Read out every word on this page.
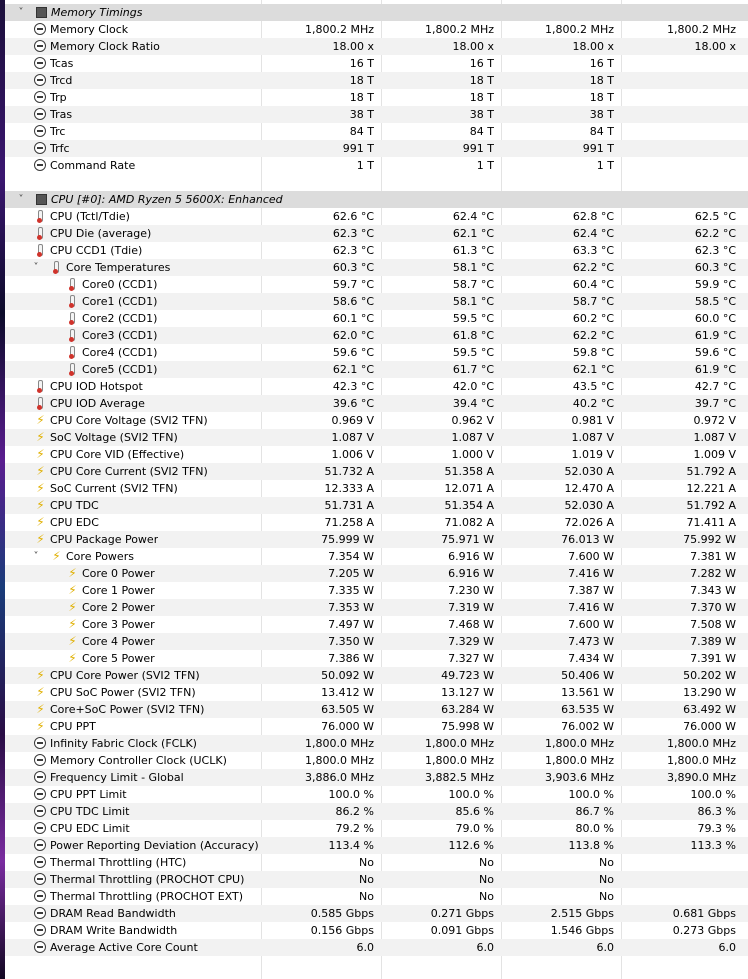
˅	Memory Timings
Memory Clock	1,800.2 MHz	1,800.2 MHz	1,800.2 MHz	1,800.2 MHz
Memory Clock Ratio	18.00 x	18.00 x	18.00 x	18.00 x
Tcas	16 T	16 T	16 T
Trcd	18 T	18 T	18 T
Trp	18 T	18 T	18 T
Tras	38 T	38 T	38 T
Trc	84 T	84 T	84 T
Trfc	991 T	991 T	991 T
Command Rate	1 T	1 T	1 T
˅	CPU [#0]: AMD Ryzen 5 5600X: Enhanced
CPU (Tctl/Tdie)	62.6 °C	62.4 °C	62.8 °C	62.5 °C
CPU Die (average)	62.3 °C	62.1 °C	62.4 °C	62.2 °C
CPU CCD1 (Tdie)	62.3 °C	61.3 °C	63.3 °C	62.3 °C
˅	Core Temperatures	60.3 °C	58.1 °C	62.2 °C	60.3 °C
Core0 (CCD1)	59.7 °C	58.7 °C	60.4 °C	59.9 °C
Core1 (CCD1)	58.6 °C	58.1 °C	58.7 °C	58.5 °C
Core2 (CCD1)	60.1 °C	59.5 °C	60.2 °C	60.0 °C
Core3 (CCD1)	62.0 °C	61.8 °C	62.2 °C	61.9 °C
Core4 (CCD1)	59.6 °C	59.5 °C	59.8 °C	59.6 °C
Core5 (CCD1)	62.1 °C	61.7 °C	62.1 °C	61.9 °C
CPU IOD Hotspot	42.3 °C	42.0 °C	43.5 °C	42.7 °C
CPU IOD Average	39.6 °C	39.4 °C	40.2 °C	39.7 °C
⚡ CPU Core Voltage (SVI2 TFN)	0.969 V	0.962 V	0.981 V	0.972 V
⚡ SoC Voltage (SVI2 TFN)	1.087 V	1.087 V	1.087 V	1.087 V
⚡ CPU Core VID (Effective)	1.006 V	1.000 V	1.019 V	1.009 V
⚡ CPU Core Current (SVI2 TFN)	51.732 A	51.358 A	52.030 A	51.792 A
⚡ SoC Current (SVI2 TFN)	12.333 A	12.071 A	12.470 A	12.221 A
⚡ CPU TDC	51.731 A	51.354 A	52.030 A	51.792 A
⚡ CPU EDC	71.258 A	71.082 A	72.026 A	71.411 A
⚡ CPU Package Power	75.999 W	75.971 W	76.013 W	75.992 W
˅ ⚡ Core Powers	7.354 W	6.916 W	7.600 W	7.381 W
⚡ Core 0 Power	7.205 W	6.916 W	7.416 W	7.282 W
⚡ Core 1 Power	7.335 W	7.230 W	7.387 W	7.343 W
⚡ Core 2 Power	7.353 W	7.319 W	7.416 W	7.370 W
⚡ Core 3 Power	7.497 W	7.468 W	7.600 W	7.508 W
⚡ Core 4 Power	7.350 W	7.329 W	7.473 W	7.389 W
⚡ Core 5 Power	7.386 W	7.327 W	7.434 W	7.391 W
⚡ CPU Core Power (SVI2 TFN)	50.092 W	49.723 W	50.406 W	50.202 W
⚡ CPU SoC Power (SVI2 TFN)	13.412 W	13.127 W	13.561 W	13.290 W
⚡ Core+SoC Power (SVI2 TFN)	63.505 W	63.284 W	63.535 W	63.492 W
⚡ CPU PPT	76.000 W	75.998 W	76.002 W	76.000 W
Infinity Fabric Clock (FCLK)	1,800.0 MHz	1,800.0 MHz	1,800.0 MHz	1,800.0 MHz
Memory Controller Clock (UCLK)	1,800.0 MHz	1,800.0 MHz	1,800.0 MHz	1,800.0 MHz
Frequency Limit - Global	3,886.0 MHz	3,882.5 MHz	3,903.6 MHz	3,890.0 MHz
CPU PPT Limit	100.0 %	100.0 %	100.0 %	100.0 %
CPU TDC Limit	86.2 %	85.6 %	86.7 %	86.3 %
CPU EDC Limit	79.2 %	79.0 %	80.0 %	79.3 %
Power Reporting Deviation (Accuracy)	113.4 %	112.6 %	113.8 %	113.3 %
Thermal Throttling (HTC)	No	No	No
Thermal Throttling (PROCHOT CPU)	No	No	No
Thermal Throttling (PROCHOT EXT)	No	No	No
DRAM Read Bandwidth	0.585 Gbps	0.271 Gbps	2.515 Gbps	0.681 Gbps
DRAM Write Bandwidth	0.156 Gbps	0.091 Gbps	1.546 Gbps	0.273 Gbps
Average Active Core Count	6.0	6.0	6.0	6.0
